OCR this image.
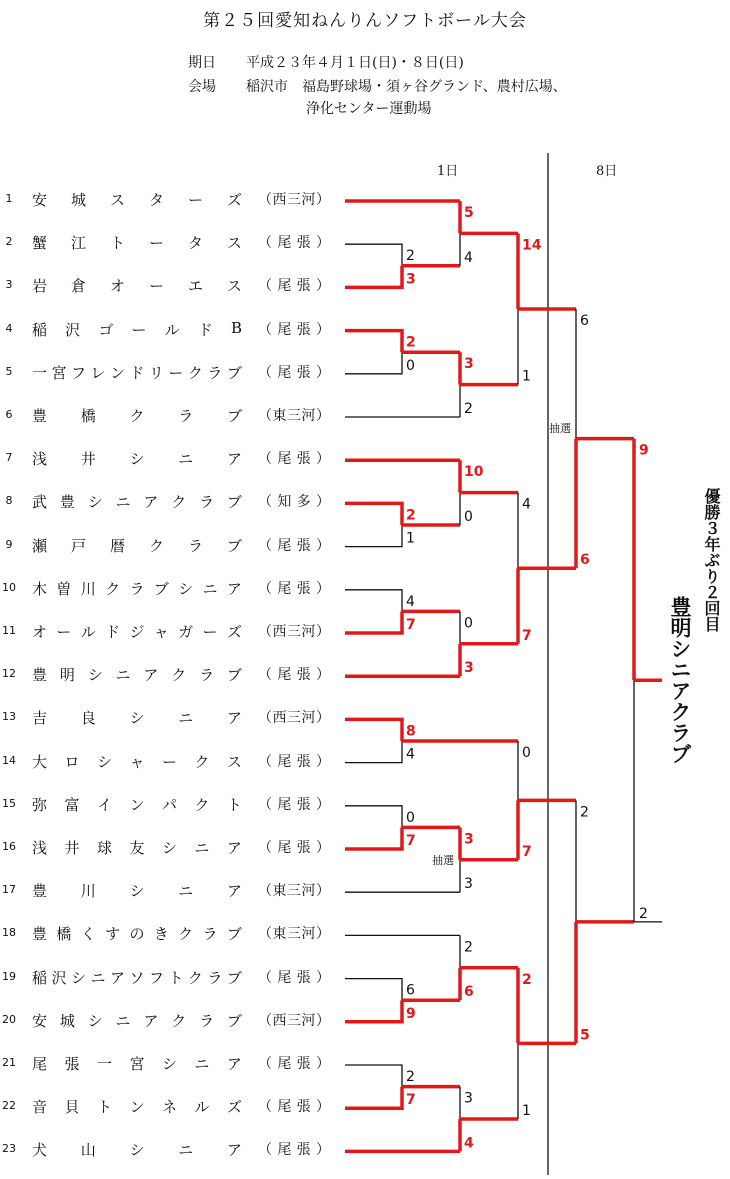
第２５回愛知ねんりんソフトボール大会
期日 平成２３年４月１日(日)・８日(日)
会場 稲沢市　福島野球場・須ヶ谷グランド、農村広場、
浄化センター運動場
1日	8日
1 安 城 ス タ ー ズ （ 西 三 河 ）
2 蟹 江 ト ー タ ス （ 尾 張 ）
3 岩 倉 オ ー エ ス （ 尾 張 ）
4 稲 沢 ゴ ー ル ド B （ 尾 張 ）
5 一 宮 フ レ ン ド リ ー ク ラ ブ （ 尾 張 ）
6 豊 橋 ク ラ ブ （ 東 三 河 ）
7 浅 井 シ ニ ア （ 尾 張 ）
8 武 豊 シ ニ ア ク ラ ブ （ 知 多 ）
9 瀬 戸 暦 ク ラ ブ （ 尾 張 ）
10 木 曽 川 ク ラ ブ シ ニ ア （ 尾 張 ）
11 オ ー ル ド ジ ャ ガ ー ズ （ 西 三 河 ）
12 豊 明 シ ニ ア ク ラ ブ （ 尾 張 ）
13 吉 良 シ ニ ア （ 西 三 河 ）
14 大 ロ シ ャ ー ク ス （ 尾 張 ）
15 弥 富 イ ン パ ク ト （ 尾 張 ）
16 浅 井 球 友 シ ニ ア （ 尾 張 ）
17 豊 川 シ ニ ア （ 東 三 河 ）
18 豊 橋 く す の き ク ラ ブ （ 東 三 河 ）
19 稲 沢 シ ニ ア ソ フ ト ク ラ ブ （ 尾 張 ）
20 安 城 シ ニ ア ク ラ ブ （ 西 三 河 ）
21 尾 張 一 宮 シ ニ ア （ 尾 張 ）
22 音 貝 ト ン ネ ル ズ （ 尾 張 ）
23 犬 山 シ ニ ア （ 尾 張 ）
2
3
2
0
2
1
4
7
8
4
0
7
6
9
2
7
5
4
3
2
10
0
0
3
3
3
2
6
3
4
14
1
4
7
0
7
2
1
6
6
2
5
9
2
抽選
抽選
優勝３年ぶり２回目
豊明シニアクラブ
